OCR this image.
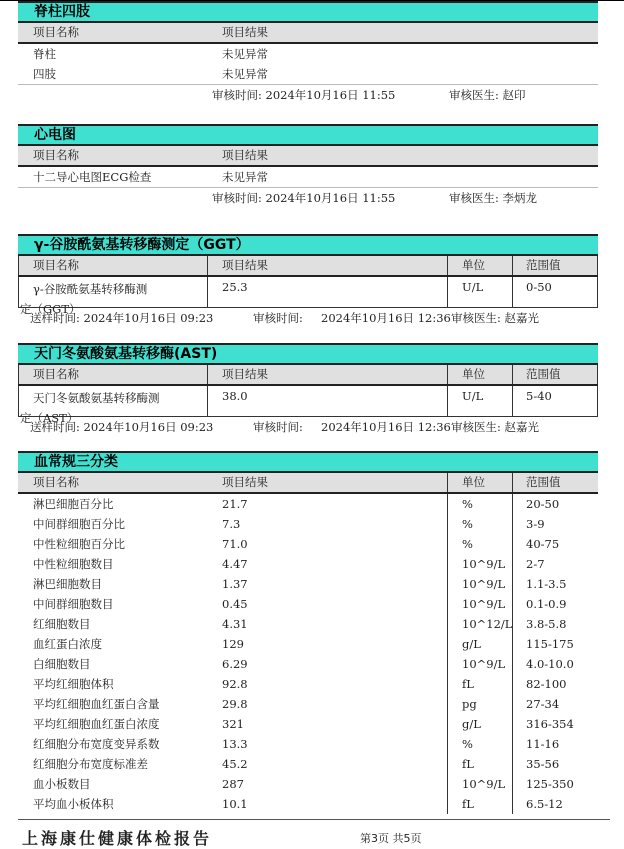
脊柱四肢
项目名称	项目结果
脊柱	未见异常
四肢	未见异常
审核时间: 2024年10月16日 11:55	审核医生: 赵印
心电图
项目名称	项目结果
十二导心电图ECG检查	未见异常
审核时间: 2024年10月16日 11:55	审核医生: 李炳龙
γ-谷胺酰氨基转移酶测定（GGT）
项目名称	项目结果	单位	范围值
γ-谷胺酰氨基转移酶测
定（GGT）
25.3	U/L	0-50
送样时间: 2024年10月16日 09:23	审核时间: 2024年10月16日 12:36 审核医生: 赵嘉光
天门冬氨酸氨基转移酶(AST)
项目名称	项目结果	单位	范围值
天门冬氨酸氨基转移酶测
定（AST）
38.0	U/L	5-40
送样时间: 2024年10月16日 09:23	审核时间: 2024年10月16日 12:36 审核医生: 赵嘉光
血常规三分类
项目名称	项目结果	单位	范围值
淋巴细胞百分比	21.7	%	20-50
中间群细胞百分比	7.3	%	3-9
中性粒细胞百分比	71.0	%	40-75
中性粒细胞数目	4.47	10^9/L 2-7
淋巴细胞数目	1.37	10^9/L 1.1-3.5
中间群细胞数目	0.45	10^9/L 0.1-0.9
红细胞数目	4.31	10^12/L 3.8-5.8
血红蛋白浓度	129	g/L	115-175
白细胞数目	6.29	10^9/L 4.0-10.0
平均红细胞体积	92.8	fL	82-100
平均红细胞血红蛋白含量	29.8	pg	27-34
平均红细胞血红蛋白浓度	321	g/L	316-354
红细胞分布宽度变异系数	13.3	%	11-16
红细胞分布宽度标准差	45.2	fL	35-56
血小板数目	287	10^9/L 125-350
平均血小板体积	10.1	fL	6.5-12
上海康仕健康体检报告	第3页 共5页
